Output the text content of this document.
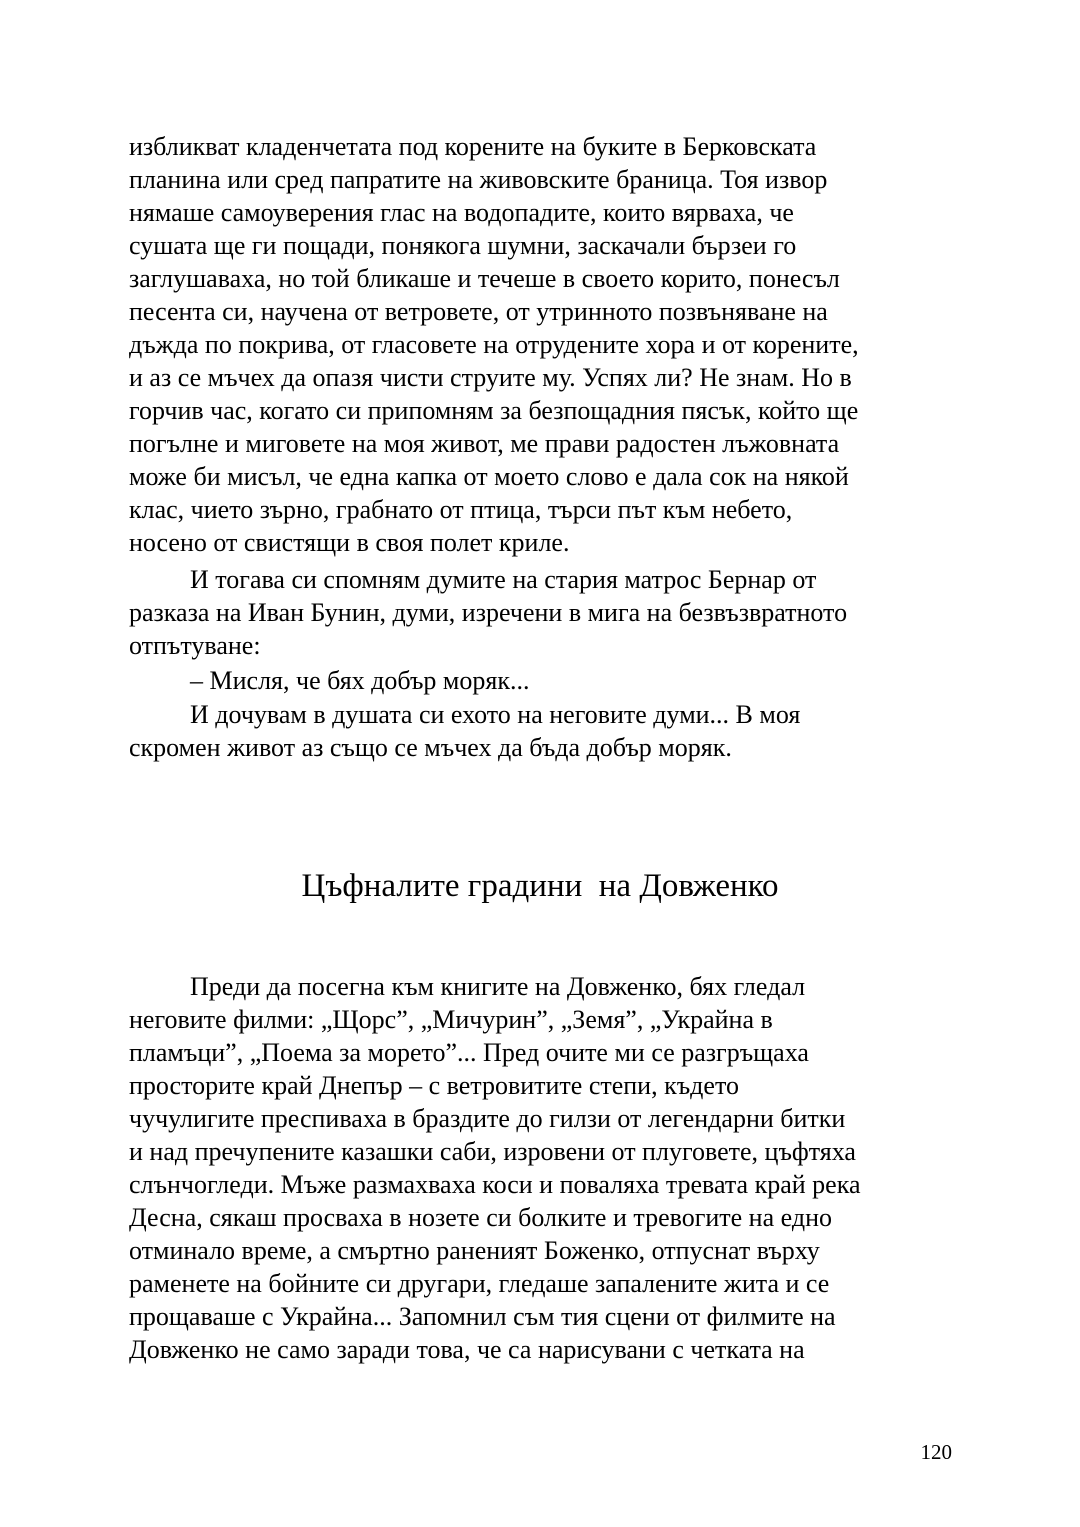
избликват кладенчетата под корените на буките в Берковската
планина или сред папратите на живовските браница. Тоя извор
нямаше самоуверения глас на водопадите, които вярваха, че
сушата ще ги пощади, понякога шумни, заскачали бързеи го
заглушаваха, но той бликаше и течеше в своето корито, понесъл
песента си, научена от ветровете, от утринното позвъняване на
дъжда по покрива, от гласовете на отрудените хора и от корените,
и аз се мъчех да опазя чисти струите му. Успях ли? Не знам. Но в
горчив час, когато си припомням за безпощадния пясък, който ще
погълне и миговете на моя живот, ме прави радостен лъжовната
може би мисъл, че една капка от моето слово е дала сок на някой
клас, чието зърно, грабнато от птица, търси път към небето,
носено от свистящи в своя полет криле.
И тогава си спомням думите на стария матрос Бернар от
разказа на Иван Бунин, думи, изречени в мига на безвъзвратното
отпътуване:
– Мисля, че бях добър моряк...
И дочувам в душата си ехото на неговите думи... В моя
скромен живот аз също се мъчех да бъда добър моряк.
Цъфналите градини  на Довженко
Преди да посегна към книгите на Довженко, бях гледал
неговите филми: „Щорс”, „Мичурин”, „Земя”, „Украйна в
пламъци”, „Поема за морето”... Пред очите ми се разгръщаха
просторите край Днепър – с ветровитите степи, където
чучулигите преспиваха в браздите до гилзи от легендарни битки
и над пречупените казашки саби, изровени от плуговете, цъфтяха
слънчогледи. Мъже размахваха коси и поваляха тревата край река
Десна, сякаш просваха в нозете си болките и тревогите на едно
отминало време, а смъртно раненият Боженко, отпуснат върху
раменете на бойните си другари, гледаше запалените жита и се
прощаваше с Украйна... Запомнил съм тия сцени от филмите на
Довженко не само заради това, че са нарисувани с четката на
120
